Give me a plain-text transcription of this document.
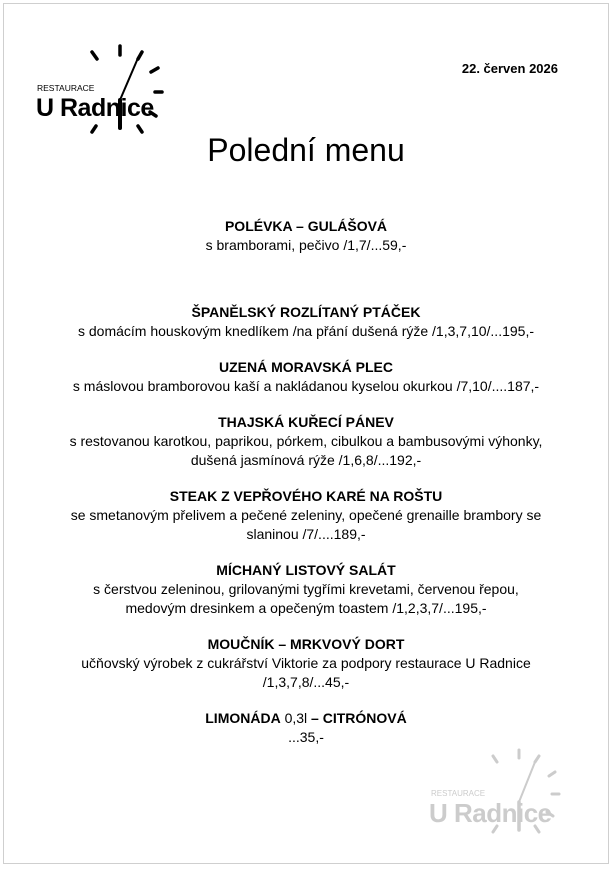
RESTAURACE
U Radnice
22. červen 2026
Polední menu
POLÉVKA – GULÁŠOVÁ
s bramborami, pečivo /1,7/...59,-
ŠPANĚLSKÝ ROZLÍTANÝ PTÁČEK
s domácím houskovým knedlíkem /na přání dušená rýže /1,3,7,10/...195,-
UZENÁ MORAVSKÁ PLEC
s máslovou bramborovou kaší a nakládanou kyselou okurkou /7,10/....187,-
THAJSKÁ KUŘECÍ PÁNEV
s restovanou karotkou, paprikou, pórkem, cibulkou a bambusovými výhonky,
dušená jasmínová rýže /1,6,8/...192,-
STEAK Z VEPŘOVÉHO KARÉ NA ROŠTU
se smetanovým přelivem a pečené zeleniny, opečené grenaille brambory se
slaninou /7/....189,-
MÍCHANÝ LISTOVÝ SALÁT
s čerstvou zeleninou, grilovanými tygřími krevetami, červenou řepou,
medovým dresinkem a opečeným toastem /1,2,3,7/...195,-
MOUČNÍK – MRKVOVÝ DORT
učňovský výrobek z cukrářství Viktorie za podpory restaurace U Radnice
/1,3,7,8/...45,-
LIMONÁDA 0,3l – CITRÓNOVÁ
...35,-
RESTAURACE
U Radnice
